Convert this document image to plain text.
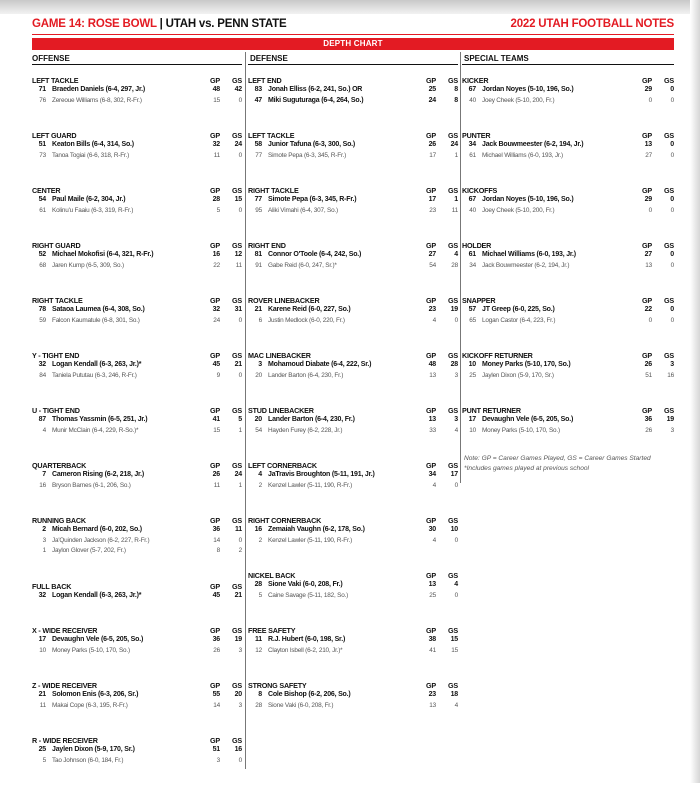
GAME 14: ROSE BOWL | UTAH vs. PENN STATE	2022 UTAH FOOTBALL NOTES
DEPTH CHART
OFFENSE	DEFENSE	SPECIAL TEAMS
LEFT TACKLE	GP	GS
71 Braeden Daniels (6-4, 297, Jr.)	48	42
76 Zereoue Williams (6-8, 302, R-Fr.)	15	0
LEFT GUARD	GP	GS
51 Keaton Bills (6-4, 314, So.)	32	24
73 Tanoa Togiai (6-6, 318, R-Fr.)	11	0
CENTER	GP	GS
54 Paul Maile (6-2, 304, Jr.)	28	15
61 Kolinu'u Faaiu (6-3, 319, R-Fr.)	5	0
RIGHT GUARD	GP	GS
52 Michael Mokofisi (6-4, 321, R-Fr.)	16	12
68 Jaren Kump (6-5, 309, So.)	22	11
RIGHT TACKLE	GP	GS
78 Sataoa Laumea (6-4, 308, So.)	32	31
59 Falcon Kaumatule (6-8, 301, So.)	24	0
Y - TIGHT END	GP	GS
32 Logan Kendall (6-3, 263, Jr.)*	45	21
84 Taniela Pututau (6-3, 246, R-Fr.)	9	0
U - TIGHT END	GP	GS
87 Thomas Yassmin (6-5, 251, Jr.)	41	5
4 Munir McClain (6-4, 229, R-So.)*	15	1
QUARTERBACK	GP	GS
7 Cameron Rising (6-2, 218, Jr.)	26	24
16 Bryson Barnes (6-1, 206, So.)	11	1
RUNNING BACK	GP	GS
2 Micah Bernard (6-0, 202, So.)	36	11
3 Ja'Quinden Jackson (6-2, 227, R-Fr.)	14	0
1 Jaylon Glover (5-7, 202, Fr.)	8	2
FULL BACK	GP	GS
32 Logan Kendall (6-3, 263, Jr.)*	45	21
X - WIDE RECEIVER	GP	GS
17 Devaughn Vele (6-5, 205, So.)	36	19
10 Money Parks (5-10, 170, So.)	26	3
Z - WIDE RECEIVER	GP	GS
21 Solomon Enis (6-3, 206, Sr.)	55	20
11 Makai Cope (6-3, 195, R-Fr.)	14	3
R - WIDE RECEIVER	GP	GS
25 Jaylen Dixon (5-9, 170, Sr.)	51	16
5 Tao Johnson (6-0, 184, Fr.)	3	0
LEFT END	GP	GS
83 Jonah Elliss (6-2, 241, So.) OR	25	8
47 Miki Suguturaga (6-4, 264, So.)	24	8
LEFT TACKLE	GP	GS
58 Junior Tafuna (6-3, 300, So.)	26	24
77 Simote Pepa (6-3, 345, R-Fr.)	17	1
RIGHT TACKLE	GP	GS
77 Simote Pepa (6-3, 345, R-Fr.)	17	1
95 Aliki Vimahi (6-4, 307, So.)	23	11
RIGHT END	GP	GS
81 Connor O'Toole (6-4, 242, So.)	27	4
91 Gabe Reid (6-0, 247, Sr.)*	54	28
ROVER LINEBACKER	GP	GS
21 Karene Reid (6-0, 227, So.)	23	19
6 Justin Medlock (6-0, 220, Fr.)	4	0
MAC LINEBACKER	GP	GS
3 Mohamoud Diabate (6-4, 222, Sr.)	48	28
20 Lander Barton (6-4, 230, Fr.)	13	3
STUD LINEBACKER	GP	GS
20 Lander Barton (6-4, 230, Fr.)	13	3
54 Hayden Furey (6-2, 228, Jr.)	33	4
LEFT CORNERBACK	GP	GS
4 JaTravis Broughton (5-11, 191, Jr.)	34	17
2 Kenzel Lawler (5-11, 190, R-Fr.)	4	0
RIGHT CORNERBACK	GP	GS
16 Zemaiah Vaughn (6-2, 178, So.)	30	10
2 Kenzel Lawler (5-11, 190, R-Fr.)	4	0
NICKEL BACK	GP	GS
28 Sione Vaki (6-0, 208, Fr.)	13	4
5 Caine Savage (5-11, 182, So.)	25	0
FREE SAFETY	GP	GS
11 R.J. Hubert (6-0, 198, Sr.)	38	15
12 Clayton Isbell (6-2, 210, Jr.)*	41	15
STRONG SAFETY	GP	GS
8 Cole Bishop (6-2, 206, So.)	23	18
28 Sione Vaki (6-0, 208, Fr.)	13	4
KICKER	GP	GS
67 Jordan Noyes (5-10, 196, So.)	29	0
40 Joey Cheek (5-10, 200, Fr.)	0	0
PUNTER	GP	GS
34 Jack Bouwmeester (6-2, 194, Jr.)	13	0
61 Michael Williams (6-0, 193, Jr.)	27	0
KICKOFFS	GP	GS
67 Jordan Noyes (5-10, 196, So.)	29	0
40 Joey Cheek (5-10, 200, Fr.)	0	0
HOLDER	GP	GS
61 Michael Williams (6-0, 193, Jr.)	27	0
34 Jack Bouwmeester (6-2, 194, Jr.)	13	0
SNAPPER	GP	GS
57 JT Greep (6-0, 225, So.)	22	0
65 Logan Castor (6-4, 223, Fr.)	0	0
KICKOFF RETURNER	GP	GS
10 Money Parks (5-10, 170, So.)	26	3
25 Jaylen Dixon (5-9, 170, Sr.)	51	16
PUNT RETURNER	GP	GS
17 Devaughn Vele (6-5, 205, So.)	36	19
10 Money Parks (5-10, 170, So.)	26	3
Note: GP = Career Games Played, GS = Career Games Started
*Includes games played at previous school
